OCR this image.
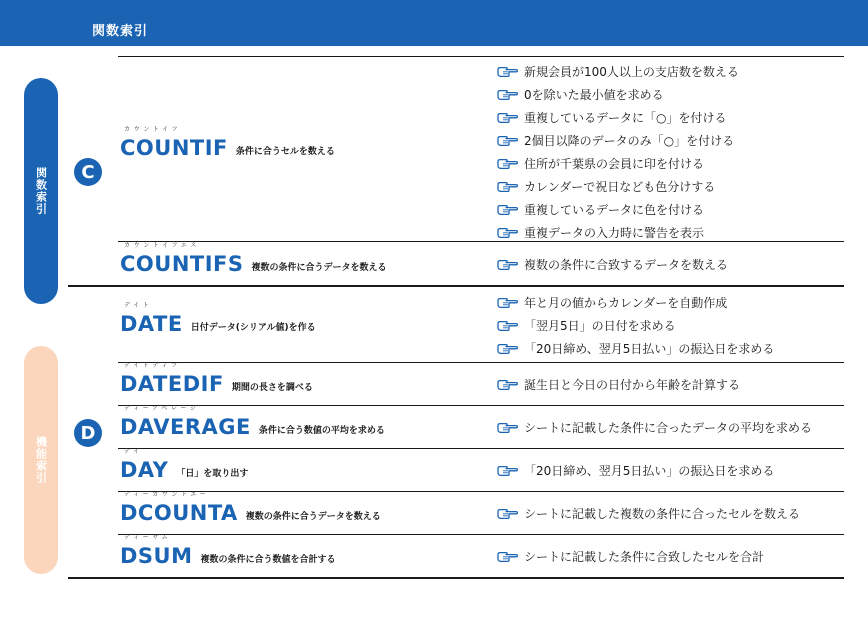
関数索引
関数索引
機能索引
C
D
カウントイフ
COUNTIF 条件に合うセルを数える
カウントイフエス
COUNTIFS 複数の条件に合うデータを数える
デイト
DATE 日付データ(シリアル値)を作る
デイトディフ
DATEDIF 期間の長さを調べる
ディーアベレージ
DAVERAGE 条件に合う数値の平均を求める
デイ
DAY 「日」を取り出す
ディーカウントエー
DCOUNTA 複数の条件に合うデータを数える
ディーサム
DSUM 複数の条件に合う数値を合計する
新規会員が100人以上の支店数を数える
0を除いた最小値を求める
重複しているデータに「○」を付ける
2個目以降のデータのみ「○」を付ける
住所が千葉県の会員に印を付ける
カレンダーで祝日なども色分けする
重複しているデータに色を付ける
重複データの入力時に警告を表示
複数の条件に合致するデータを数える
年と月の値からカレンダーを自動作成
「翌月5日」の日付を求める
「20日締め、翌月5日払い」の振込日を求める
誕生日と今日の日付から年齢を計算する
シートに記載した条件に合ったデータの平均を求める
「20日締め、翌月5日払い」の振込日を求める
シートに記載した複数の条件に合ったセルを数える
シートに記載した条件に合致したセルを合計
